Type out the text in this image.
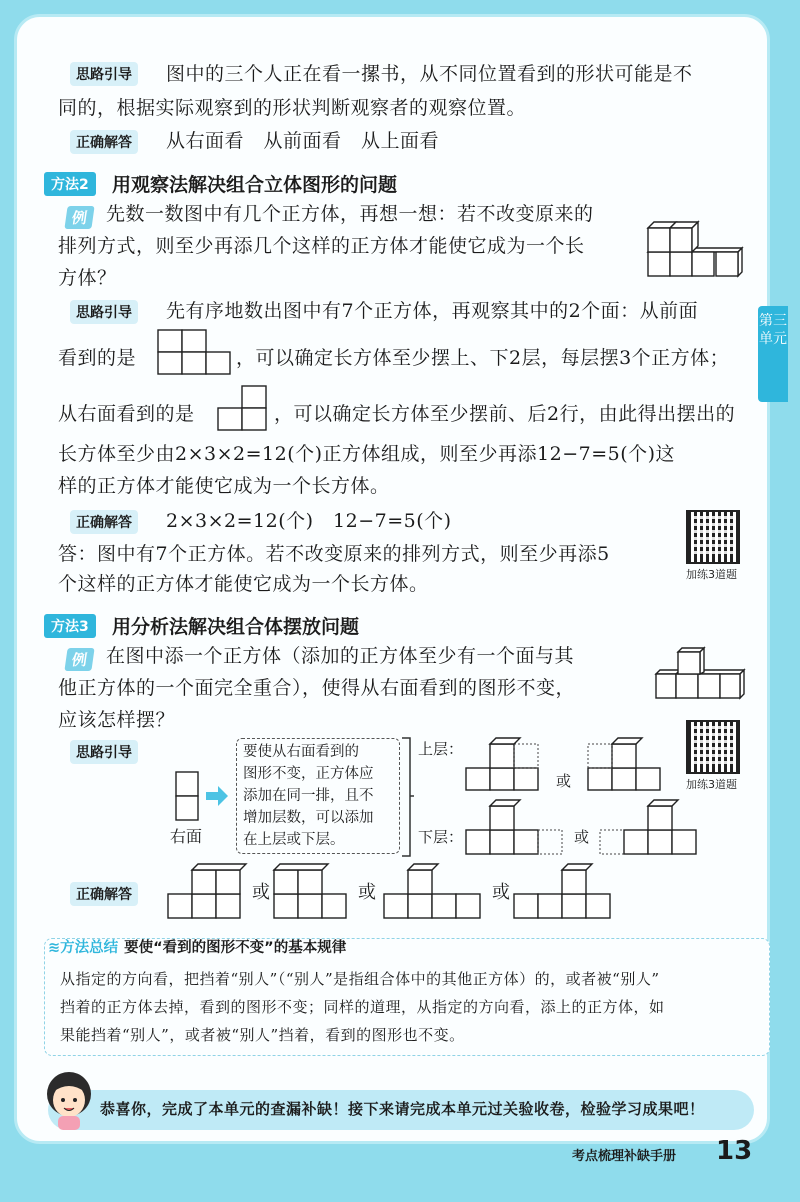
思路引导	图中的三个人正在看一摞书，从不同位置看到的形状可能是不
同的，根据实际观察到的形状判断观察者的观察位置。
正确解答	从右面看　从前面看　从上面看
方法2	用观察法解决组合立体图形的问题
例 先数一数图中有几个正方体，再想一想：若不改变原来的
排列方式，则至少再添几个这样的正方体才能使它成为一个长
方体？
思路引导	先有序地数出图中有7个正方体，再观察其中的2个面：从前面
看到的是	，可以确定长方体至少摆上、下2层，每层摆3个正方体；
从右面看到的是	，可以确定长方体至少摆前、后2行，由此得出摆出的
长方体至少由2×3×2=12(个)正方体组成，则至少再添12−7=5(个)这
样的正方体才能使它成为一个长方体。
正确解答	2×3×2=12(个)　12−7=5(个)
答：图中有7个正方体。若不改变原来的排列方式，则至少再添5
个这样的正方体才能使它成为一个长方体。	加练3道题
方法3	用分析法解决组合体摆放问题
例 在图中添一个正方体（添加的正方体至少有一个面与其
他正方体的一个面完全重合），使得从右面看到的图形不变，
应该怎样摆？
加练3道题
思路引导
右面
要使从右面看到的
图形不变，正方体应
添加在同一排，且不
增加层数，可以添加
在上层或下层。
上层：
下层：
或
或
正确解答	或	或	或
≋方法总结 要使“看到的图形不变”的基本规律
从指定的方向看，把挡着“别人”（“别人”是指组合体中的其他正方体）的，或者被“别人”
挡着的正方体去掉，看到的图形不变；同样的道理，从指定的方向看，添上的正方体，如
果能挡着“别人”，或者被“别人”挡着，看到的图形也不变。
恭喜你，完成了本单元的查漏补缺！接下来请完成本单元过关验收卷，检验学习成果吧！
第三单元
考点梳理补缺手册 13
